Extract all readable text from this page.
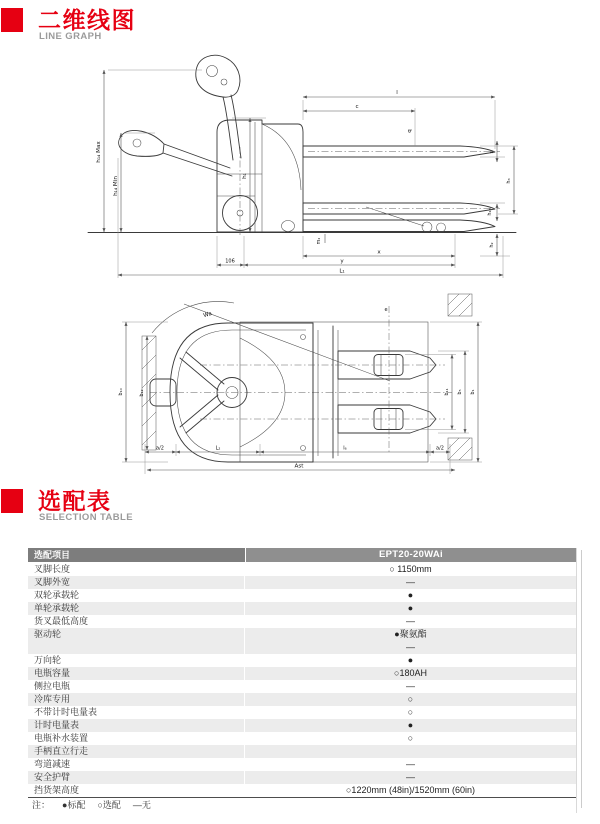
二维线图
LINE GRAPH
h₁₄ Max
h₁₄ Min
h₁
l
c
q
s
h₃
h₁₃
h₂
m₂
x
106	y
L₁
Wa
e
b₁₀	b₁₂	b₁₁ b₅ b₁
a/2	L₂	l₆	a/2
Ast
选配表
SELECTION TABLE
选配项目	EPT20-20WAi
叉脚长度	○ 1150mm
叉脚外宽	—
双轮承载轮	●
单轮承载轮	●
货叉最低高度	—
驱动轮	●聚氨酯
—
万向轮	●
电瓶容量	○180AH
侧拉电瓶	—
冷库专用	○
不带计时电量表	○
计时电量表	●
电瓶补水装置	○
手柄直立行走
弯道减速	—
安全护臂	—
挡货架高度	○1220mm (48in)/1520mm (60in)
注： ●标配 ○选配 —无
